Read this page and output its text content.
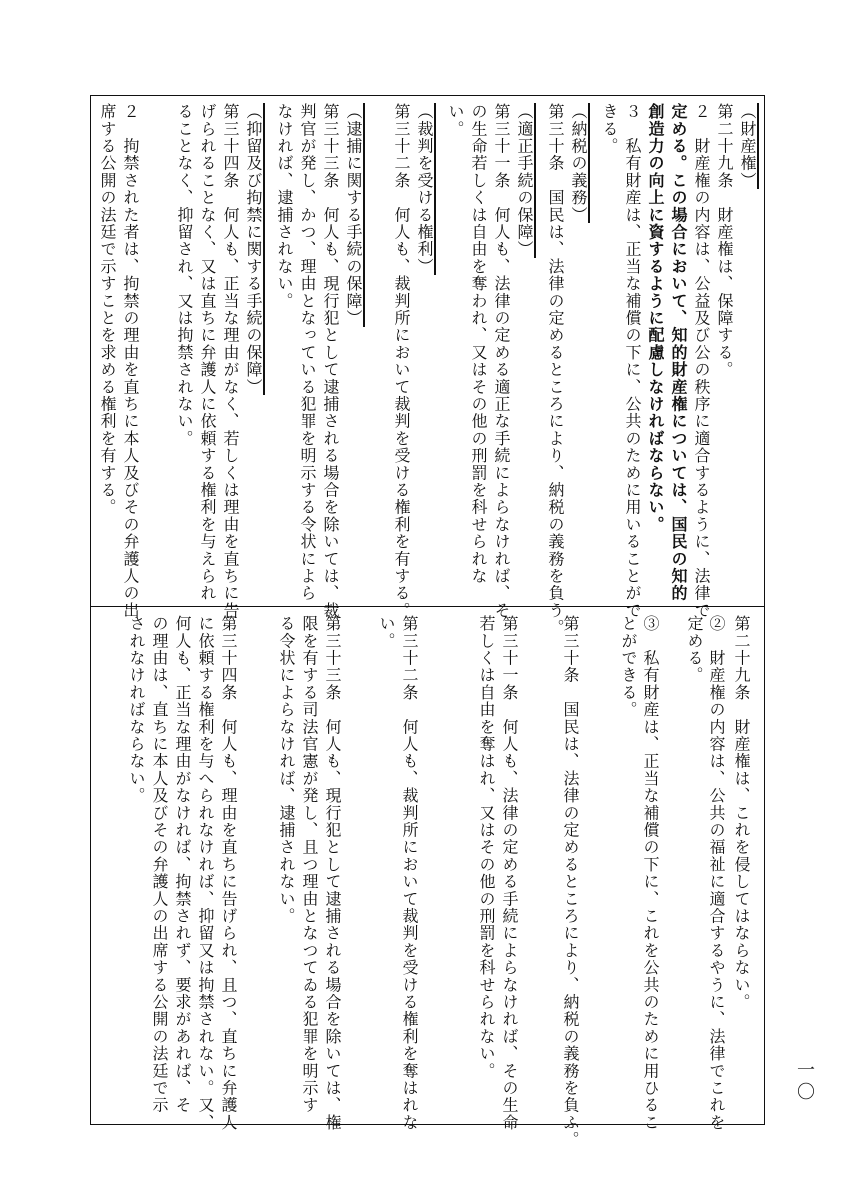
（財産権）
第二十九条　財産権は、保障する。
２　財産権の内容は、公益及び公の秩序に適合するように、法律で
定める。この場合において、知的財産権については、国民の知的
創造力の向上に資するように配慮しなければならない。
３　私有財産は、正当な補償の下に、公共のために用いることがで
きる。
（納税の義務）
第三十条　国民は、法律の定めるところにより、納税の義務を負う。
（適正手続の保障）
第三十一条　何人も、法律の定める適正な手続によらなければ、そ
の生命若しくは自由を奪われ、又はその他の刑罰を科せられな
い。
（裁判を受ける権利）
第三十二条　何人も、裁判所において裁判を受ける権利を有する。
（逮捕に関する手続の保障）
第三十三条　何人も、現行犯として逮捕される場合を除いては、裁
判官が発し、かつ、理由となっている犯罪を明示する令状によら
なければ、逮捕されない。
（抑留及び拘禁に関する手続の保障）
第三十四条　何人も、正当な理由がなく、若しくは理由を直ちに告
げられることなく、又は直ちに弁護人に依頼する権利を与えられ
ることなく、抑留され、又は拘禁されない。
２　拘禁された者は、拘禁の理由を直ちに本人及びその弁護人の出
席する公開の法廷で示すことを求める権利を有する。
第二十九条　財産権は、これを侵してはならない。
②　財産権の内容は、公共の福祉に適合するやうに、法律でこれを
定める。
③　私有財産は、正当な補償の下に、これを公共のために用ひるこ
とができる。
第三十条　国民は、法律の定めるところにより、納税の義務を負ふ。
第三十一条　何人も、法律の定める手続によらなければ、その生命
若しくは自由を奪はれ、又はその他の刑罰を科せられない。
第三十二条　何人も、裁判所において裁判を受ける権利を奪はれな
い。
第三十三条　何人も、現行犯として逮捕される場合を除いては、権
限を有する司法官憲が発し、且つ理由となつてゐる犯罪を明示す
る令状によらなければ、逮捕されない。
第三十四条　何人も、理由を直ちに告げられ、且つ、直ちに弁護人
に依頼する権利を与へられなければ、抑留又は拘禁されない。又、
何人も、正当な理由がなければ、拘禁されず、要求があれば、そ
の理由は、直ちに本人及びその弁護人の出席する公開の法廷で示
されなければならない。
一〇
